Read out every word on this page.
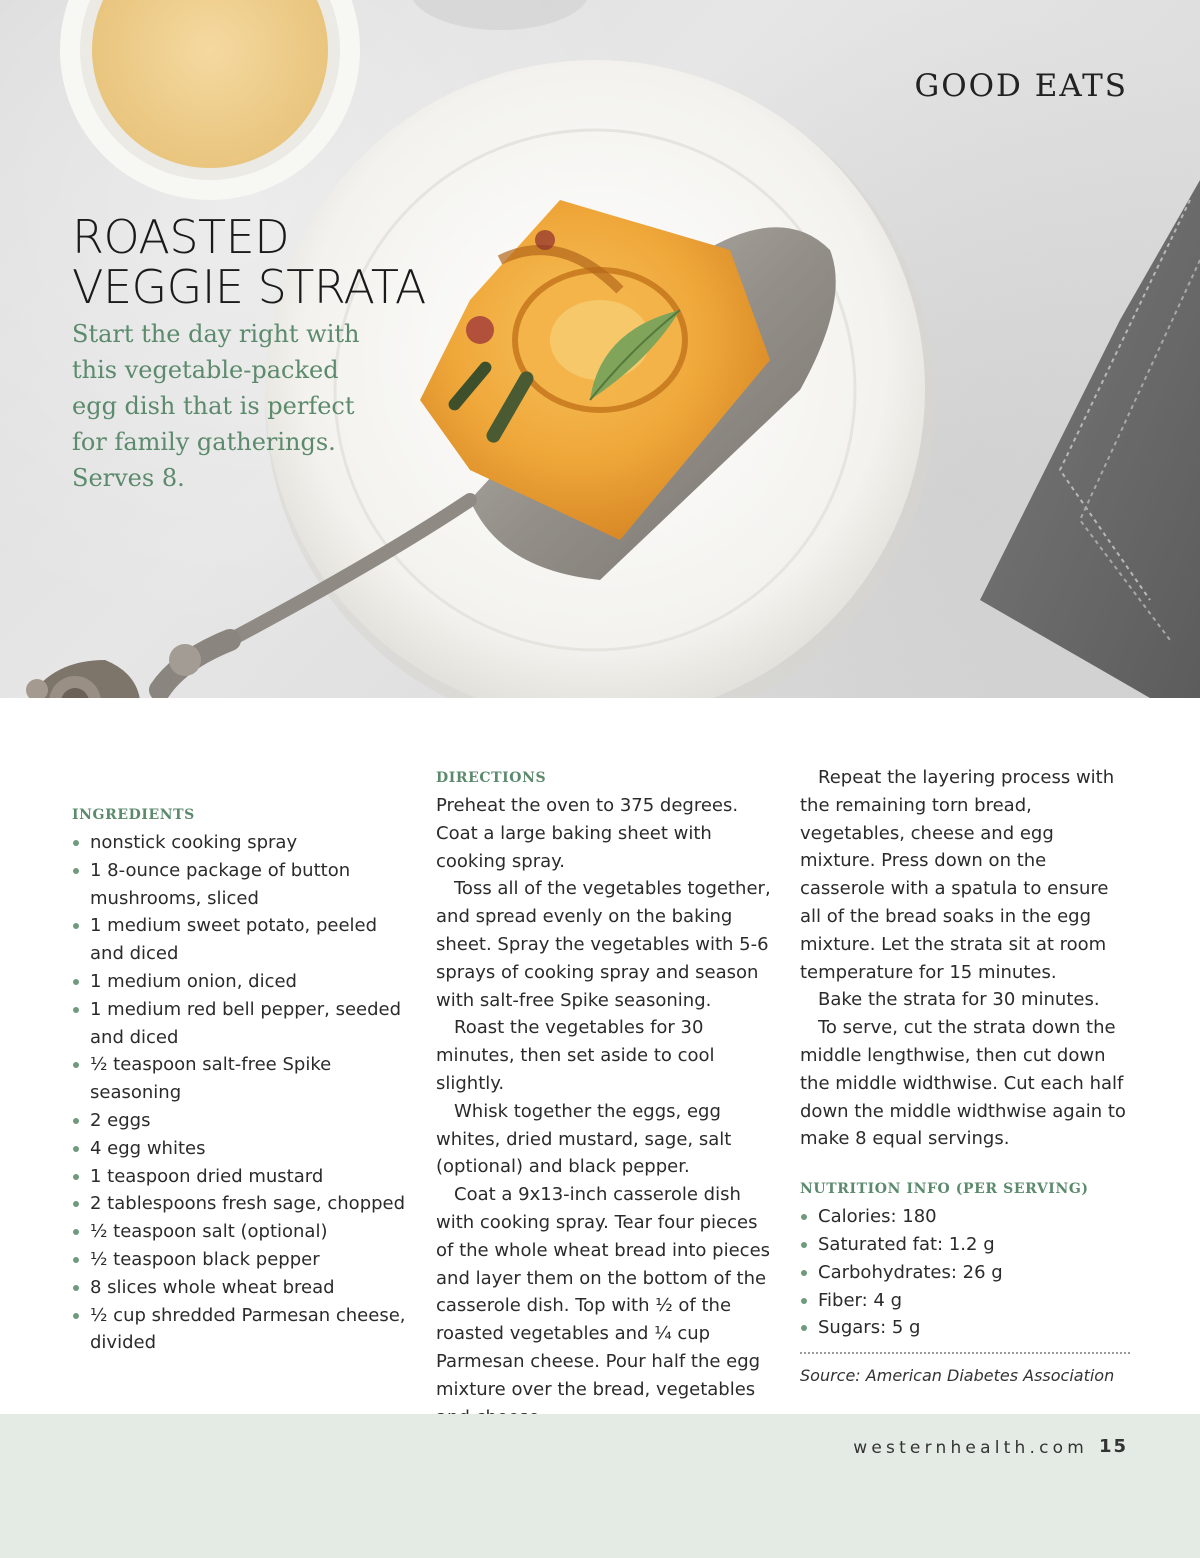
GOOD EATS
ROASTED
VEGGIE STRATA
Start the day right with
this vegetable-packed
egg dish that is perfect
for family gatherings.
Serves 8.
INGREDIENTS
nonstick cooking spray
1 8-ounce package of button mushrooms, sliced
1 medium sweet potato, peeled and diced
1 medium onion, diced
1 medium red bell pepper, seeded and diced
½ teaspoon salt-free Spike seasoning
2 eggs
4 egg whites
1 teaspoon dried mustard
2 tablespoons fresh sage, chopped
½ teaspoon salt (optional)
½ teaspoon black pepper
8 slices whole wheat bread
½ cup shredded Parmesan cheese, divided
DIRECTIONS

Preheat the oven to 375 degrees. Coat a large baking sheet with cooking spray.

Toss all of the vegetables together, and spread evenly on the baking sheet. Spray the vegetables with 5-6 sprays of cooking spray and season with salt-free Spike seasoning.

Roast the vegetables for 30 minutes, then set aside to cool slightly.

Whisk together the eggs, egg whites, dried mustard, sage, salt (optional) and black pepper.

Coat a 9x13-inch casserole dish with cooking spray. Tear four pieces of the whole wheat bread into pieces and layer them on the bottom of the casserole dish. Top with ½ of the roasted vegetables and ¼ cup Parmesan cheese. Pour half the egg mixture over the bread, vegetables

Repeat the layering process with the remaining torn bread, vegetables, cheese and egg mixture. Press down on the casserole with a spatula to ensure all of the bread soaks in the egg mixture. Let the strata sit at room temperature for 15 minutes.

Bake the strata for 30 minutes.

To serve, cut the strata down the middle lengthwise, then cut down the middle widthwise. Cut each half down the middle widthwise again to make 8 equal servings.

NUTRITION INFO (PER SERVING)
Calories: 180
Saturated fat: 1.2 g
Carbohydrates: 26 g
Fiber: 4 g
Sugars: 5 g
Source: American Diabetes Association
westernhealth.com 15
